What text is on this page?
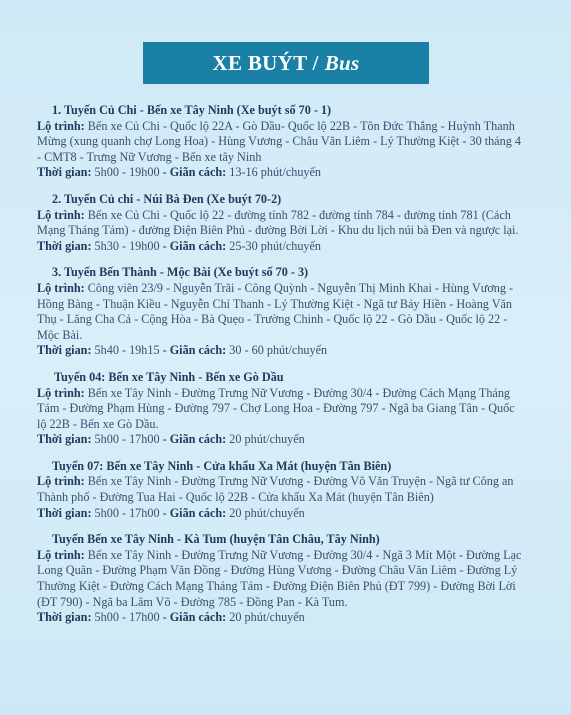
XE BUÝT / Bus
1. Tuyến Củ Chi - Bến xe Tây Ninh (Xe buýt số 70 - 1)
Lộ trình: Bến xe Củ Chi - Quốc lộ 22A - Gò Dầu- Quốc lộ 22B - Tôn Đức Thắng - Huỳnh Thanh Mừng (xung quanh chợ Long Hoa) - Hùng Vương - Châu Văn Liêm - Lý Thường Kiệt - 30 tháng 4 - CMT8 - Trưng Nữ Vương - Bến xe tây Ninh
Thời gian: 5h00 - 19h00 - Giãn cách: 13-16 phút/chuyến
2. Tuyến Củ chi - Núi Bà Đen (Xe buýt 70-2)
Lộ trình: Bến xe Củ Chi - Quốc lộ 22 - đường tỉnh 782 - đường tỉnh 784 - đường tỉnh 781 (Cách Mạng Tháng Tám) - đường Điện Biên Phủ - đường Bời Lời - Khu du lịch núi bà Đen và ngược lại.
Thời gian: 5h30 - 19h00 - Giãn cách: 25-30 phút/chuyến
3. Tuyến Bến Thành - Mộc Bài (Xe buýt số 70 - 3)
Lộ trình: Công viên 23/9 - Nguyễn Trãi - Công Quỳnh - Nguyễn Thị Minh Khai - Hùng Vương - Hồng Bàng - Thuận Kiều - Nguyễn Chí Thanh - Lý Thường Kiệt - Ngã tư Bảy Hiền - Hoàng Văn Thụ - Lăng Cha Cả - Cộng Hòa - Bà Quẹo - Trường Chinh - Quốc lộ 22 - Gò Dầu - Quốc lộ 22 - Mộc Bài.
Thời gian: 5h40 - 19h15 - Giãn cách: 30 - 60 phút/chuyến
Tuyến 04: Bến xe Tây Ninh - Bến xe Gò Dầu
Lộ trình: Bến xe Tây Ninh - Đường Trưng Nữ Vương - Đường 30/4 - Đường Cách Mạng Tháng Tám - Đường Phạm Hùng - Đường 797 - Chợ Long Hoa - Đường 797 - Ngã ba Giang Tân - Quốc lộ 22B - Bến xe Gò Dầu.
Thời gian: 5h00 - 17h00 - Giãn cách: 20 phút/chuyến
Tuyến 07: Bến xe Tây Ninh - Cửa khẩu Xa Mát (huyện Tân Biên)
Lộ trình: Bến xe Tây Ninh - Đường Trưng Nữ Vương - Đường Võ Văn Truyện - Ngã tư Công an Thành phố - Đường Tua Hai - Quốc lộ 22B - Cửa khẩu Xa Mát (huyện Tân Biên)
Thời gian: 5h00 - 17h00 - Giãn cách: 20 phút/chuyến
Tuyến Bến xe Tây Ninh - Kà Tum (huyện Tân Châu, Tây Ninh)
Lộ trình: Bến xe Tây Ninh - Đường Trưng Nữ Vương - Đường 30/4 - Ngã 3 Mít Một - Đường Lạc Long Quân - Đường Phạm Văn Đồng - Đường Hùng Vương - Đường Châu Văn Liêm - Đường Lý Thường Kiệt - Đường Cách Mạng Tháng Tám - Đường Điện Biên Phủ (ĐT 799) - Đường Bời Lời (ĐT 790) - Ngã ba Lâm Võ - Đường 785 - Đồng Pan - Kà Tum.
Thời gian: 5h00 - 17h00 - Giãn cách: 20 phút/chuyến
